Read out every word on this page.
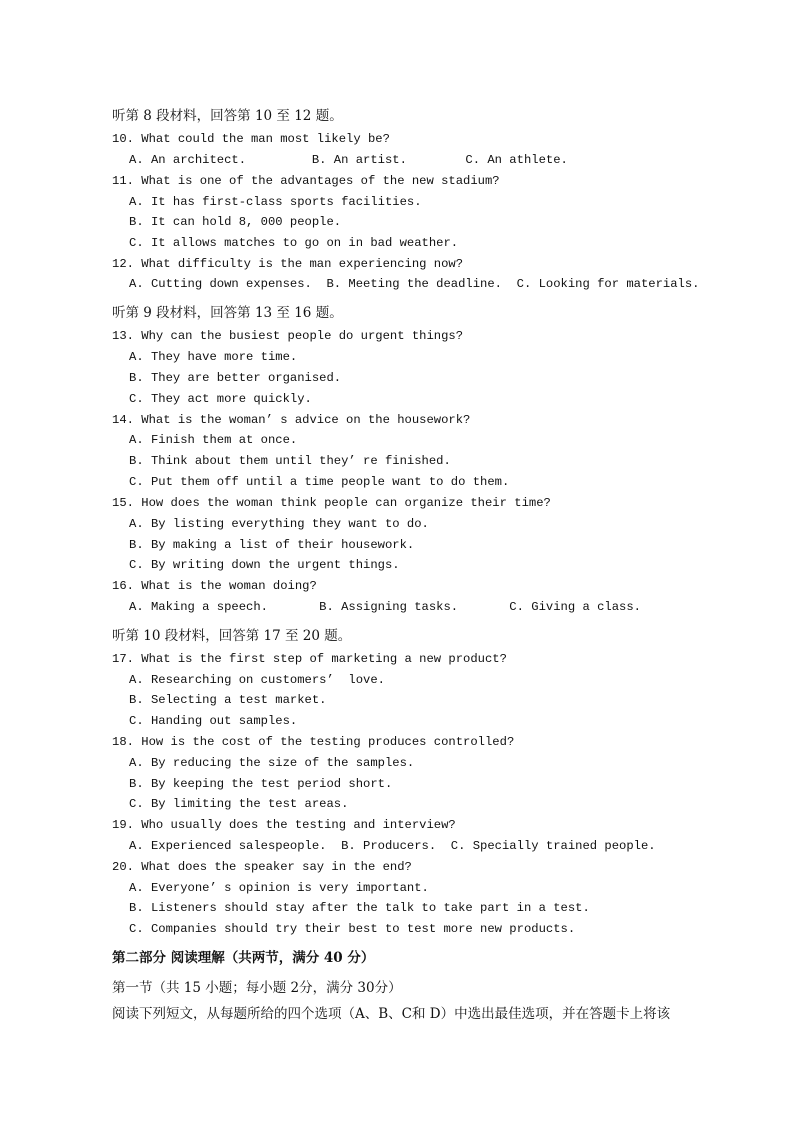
听第 8 段材料，回答第 10 至 12 题。
10. What could the man most likely be?
A. An architect.         B. An artist.        C. An athlete.
11. What is one of the advantages of the new stadium?
A. It has first-class sports facilities.
B. It can hold 8, 000 people.
C. It allows matches to go on in bad weather.
12. What difficulty is the man experiencing now?
A. Cutting down expenses.  B. Meeting the deadline.  C. Looking for materials.
听第 9 段材料，回答第 13 至 16 题。
13. Why can the busiest people do urgent things?
A. They have more time.
B. They are better organised.
C. They act more quickly.
14. What is the woman’ s advice on the housework?
A. Finish them at once.
B. Think about them until they’ re finished.
C. Put them off until a time people want to do them.
15. How does the woman think people can organize their time?
A. By listing everything they want to do.
B. By making a list of their housework.
C. By writing down the urgent things.
16. What is the woman doing?
A. Making a speech.       B. Assigning tasks.       C. Giving a class.
听第 10 段材料，回答第 17 至 20 题。
17. What is the first step of marketing a new product?
A. Researching on customers’  love.
B. Selecting a test market.
C. Handing out samples.
18. How is the cost of the testing produces controlled?
A. By reducing the size of the samples.
B. By keeping the test period short.
C. By limiting the test areas.
19. Who usually does the testing and interview?
A. Experienced salespeople.  B. Producers.  C. Specially trained people.
20. What does the speaker say in the end?
A. Everyone’ s opinion is very important.
B. Listeners should stay after the talk to take part in a test.
C. Companies should try their best to test more new products.
第二部分 阅读理解（共两节，满分 40 分）
第一节（共 15 小题；每小题 2分，满分 30分）
阅读下列短文，从每题所给的四个选项（A、B、C和 D）中选出最佳选项，并在答题卡上将该
